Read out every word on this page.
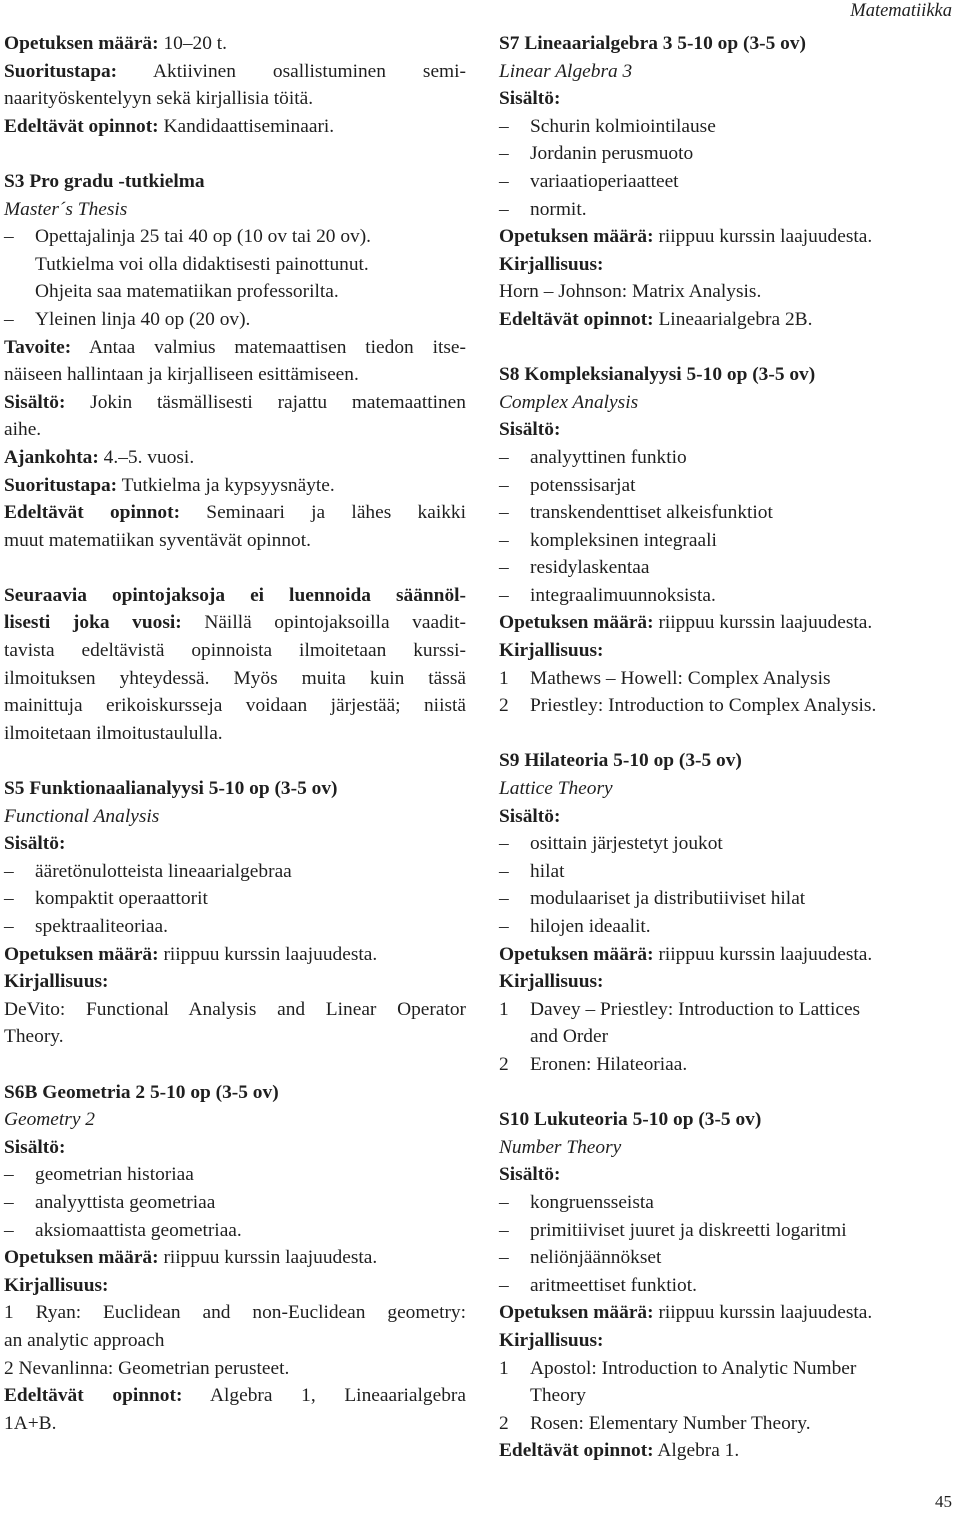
Matematiikka
Opetuksen määrä: 10–20 t.
Suoritustapa: Aktiivinen osallistuminen semi-
naarityöskentelyyn sekä kirjallisia töitä.
Edeltävät opinnot: Kandidaattiseminaari.
S3 Pro gradu -tutkielma
Master´s Thesis
– Opettajalinja 25 tai 40 op (10 ov tai 20 ov).
Tutkielma voi olla didaktisesti painottunut.
Ohjeita saa matematiikan professorilta.
– Yleinen linja 40 op (20 ov).
Tavoite: Antaa valmius matemaattisen tiedon itse-
näiseen hallintaan ja kirjalliseen esittämiseen.
Sisältö: Jokin täsmällisesti rajattu matemaattinen
aihe.
Ajankohta: 4.–5. vuosi.
Suoritustapa: Tutkielma ja kypsyysnäyte.
Edeltävät opinnot: Seminaari ja lähes kaikki
muut matematiikan syventävät opinnot.
Seuraavia opintojaksoja ei luennoida säännöl-
lisesti joka vuosi: Näillä opintojaksoilla vaadit-
tavista edeltävistä opinnoista ilmoitetaan kurssi-
ilmoituksen yhteydessä. Myös muita kuin tässä
mainittuja erikoiskursseja voidaan järjestää; niistä
ilmoitetaan ilmoitustaululla.
S5 Funktionaalianalyysi 5-10 op (3-5 ov)
Functional Analysis
Sisältö:
– ääretönulotteista lineaarialgebraa
– kompaktit operaattorit
– spektraaliteoriaa.
Opetuksen määrä: riippuu kurssin laajuudesta.
Kirjallisuus:
DeVito: Functional Analysis and Linear Operator
Theory.
S6B Geometria 2 5-10 op (3-5 ov)
Geometry 2
Sisältö:
– geometrian historiaa
– analyyttista geometriaa
– aksiomaattista geometriaa.
Opetuksen määrä: riippuu kurssin laajuudesta.
Kirjallisuus:
1 Ryan: Euclidean and non-Euclidean geometry:
an analytic approach
2 Nevanlinna: Geometrian perusteet.
Edeltävät opinnot: Algebra 1, Lineaarialgebra
1A+B.
S7 Lineaarialgebra 3 5-10 op (3-5 ov)
Linear Algebra 3
Sisältö:
– Schurin kolmiointilause
– Jordanin perusmuoto
– variaatioperiaatteet
– normit.
Opetuksen määrä: riippuu kurssin laajuudesta.
Kirjallisuus:
Horn – Johnson: Matrix Analysis.
Edeltävät opinnot: Lineaarialgebra 2B.
S8 Kompleksianalyysi 5-10 op (3-5 ov)
Complex Analysis
Sisältö:
– analyyttinen funktio
– potenssisarjat
– transkendenttiset alkeisfunktiot
– kompleksinen integraali
– residylaskentaa
– integraalimuunnoksista.
Opetuksen määrä: riippuu kurssin laajuudesta.
Kirjallisuus:
1 Mathews – Howell: Complex Analysis
2 Priestley: Introduction to Complex Analysis.
S9 Hilateoria 5-10 op (3-5 ov)
Lattice Theory
Sisältö:
– osittain järjestetyt joukot
– hilat
– modulaariset ja distributiiviset hilat
– hilojen ideaalit.
Opetuksen määrä: riippuu kurssin laajuudesta.
Kirjallisuus:
1 Davey – Priestley: Introduction to Lattices
and Order
2 Eronen: Hilateoriaa.
S10 Lukuteoria 5-10 op (3-5 ov)
Number Theory
Sisältö:
– kongruensseista
– primitiiviset juuret ja diskreetti logaritmi
– neliönjäännökset
– aritmeettiset funktiot.
Opetuksen määrä: riippuu kurssin laajuudesta.
Kirjallisuus:
1 Apostol: Introduction to Analytic Number
Theory
2 Rosen: Elementary Number Theory.
Edeltävät opinnot: Algebra 1.
45
